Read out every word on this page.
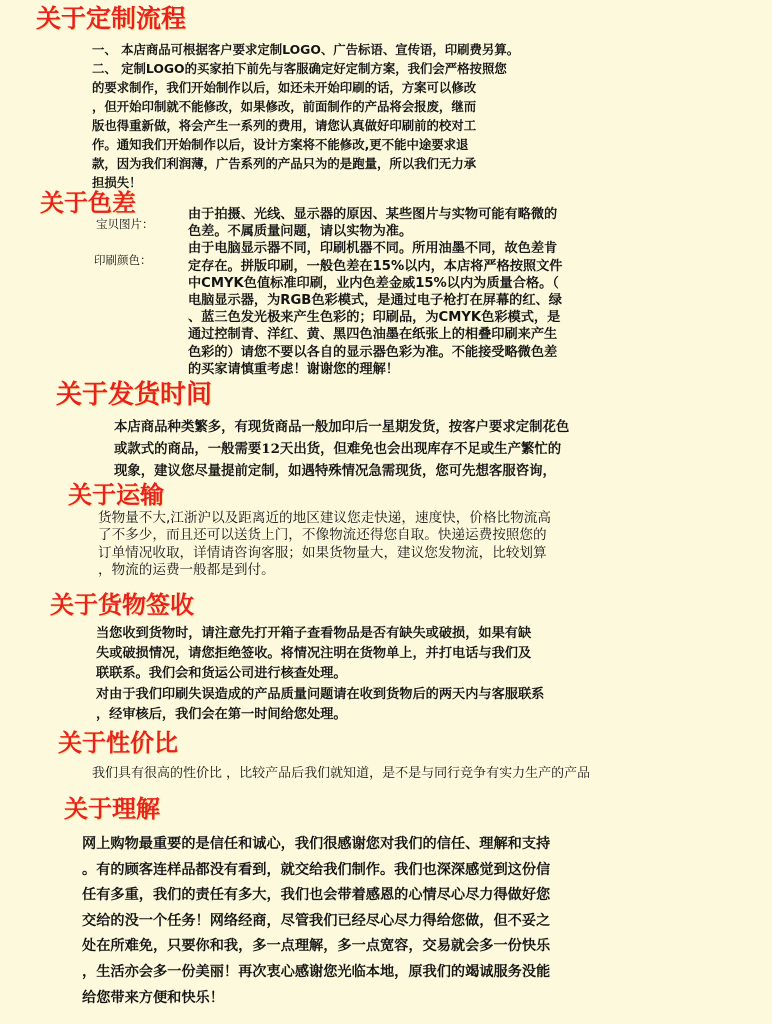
关于定制流程
一、 本店商品可根据客户要求定制LOGO、广告标语、宣传语，印刷费另算。
二、 定制LOGO的买家拍下前先与客服确定好定制方案，我们会严格按照您
的要求制作，我们开始制作以后，如还未开始印刷的话，方案可以修改
，但开始印制就不能修改，如果修改，前面制作的产品将会报废，继而
版也得重新做，将会产生一系列的费用，请您认真做好印刷前的校对工
作。通知我们开始制作以后，设计方案将不能修改,更不能中途要求退
款，因为我们利润薄，广告系列的产品只为的是跑量，所以我们无力承
担损失！
关于色差
宝贝图片：
印刷颜色：
由于拍摄、光线、显示器的原因、某些图片与实物可能有略微的
色差。不属质量问题，请以实物为准。
由于电脑显示器不同，印刷机器不同。所用油墨不同，故色差肯
定存在。拼版印刷，一般色差在15%以内，本店将严格按照文件
中CMYK色值标准印刷，业内色差金威15%以内为质量合格。（
电脑显示器，为RGB色彩模式，是通过电子枪打在屏幕的红、绿
、蓝三色发光极来产生色彩的；印刷品，为CMYK色彩模式，是
通过控制青、洋红、黄、黑四色油墨在纸张上的相叠印刷来产生
色彩的）请您不要以各自的显示器色彩为准。不能接受略微色差
的买家请慎重考虑！谢谢您的理解！
关于发货时间
本店商品种类繁多，有现货商品一般加印后一星期发货，按客户要求定制花色
或款式的商品，一般需要12天出货，但难免也会出现库存不足或生产繁忙的
现象，建议您尽量提前定制，如遇特殊情况急需现货，您可先想客服咨询，
关于运输
货物量不大,江浙沪以及距离近的地区建议您走快递，速度快，价格比物流高
了不多少，而且还可以送货上门，不像物流还得您自取。快递运费按照您的
订单情况收取，详情请咨询客服；如果货物量大，建议您发物流，比较划算
，物流的运费一般都是到付。
关于货物签收
当您收到货物时，请注意先打开箱子查看物品是否有缺失或破损，如果有缺
失或破损情况，请您拒绝签收。将情况注明在货物单上，并打电话与我们及
联联系。我们会和货运公司进行核查处理。
对由于我们印刷失误造成的产品质量问题请在收到货物后的两天内与客服联系
，经审核后，我们会在第一时间给您处理。
关于性价比
我们具有很高的性价比 ，比较产品后我们就知道，是不是与同行竞争有实力生产的产品
关于理解
网上购物最重要的是信任和诚心，我们很感谢您对我们的信任、理解和支持
。有的顾客连样品都没有看到，就交给我们制作。我们也深深感觉到这份信
任有多重，我们的责任有多大，我们也会带着感恩的心情尽心尽力得做好您
交给的没一个任务！网络经商，尽管我们已经尽心尽力得给您做，但不妥之
处在所难免，只要你和我，多一点理解，多一点宽容，交易就会多一份快乐
，生活亦会多一份美丽！再次衷心感谢您光临本地，原我们的竭诚服务没能
给您带来方便和快乐！
